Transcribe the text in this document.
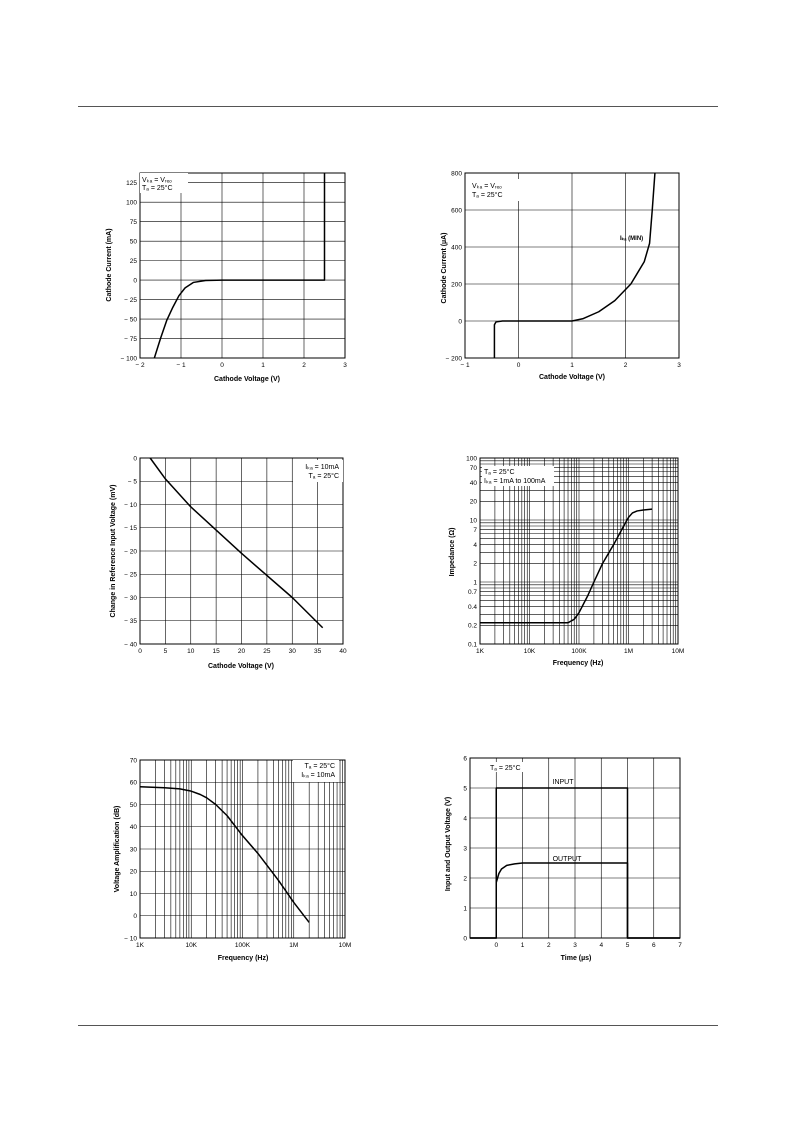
− 2	− 1	0	1	2	3
− 100
− 75
− 50
− 25
0
25
50
75
100
125 Vₖₐ = Vᵣₑₒ
Tₐ = 25°C
Cathode Voltage (V)
Cathode Current (mA)
− 1	0	1	2	3
− 200
0
200
400
600
800
Vₖₐ = Vᵣₑₒ
Tₐ = 25°C
Iₖₐ (MIN)
Cathode Voltage (V)
Cathode Current (µA)
0	5	10	15	20	25	30	35	40
0
− 5
− 10
− 15
− 20
− 25
− 30
− 35
− 40
Iₖₐ = 10mA
Tₐ = 25°C
Cathode Voltage (V)
Change in Reference Input Voltage (mV)
1K	10K	100K	1M	10M
100
70
40
20
10
7
4
2
1
0.7
0.4
0.2
0.1
Tₐ = 25°C
Iₖₐ = 1mA to 100mA
Frequency (Hz)
Impedance (Ω)
1K	10K	100K	1M	10M
70
60
50
40
30
20
10
0
− 10
Tₐ = 25°C
Iₖₐ = 10mA
Frequency (Hz)
Voltage Amplification (dB)
0	1	2	3	4	5	6	7
0
1
2
3
4
5
6
Tₐ = 25°C
INPUT
OUTPUT
Time (µs)
Input and Output Voltage (V)
